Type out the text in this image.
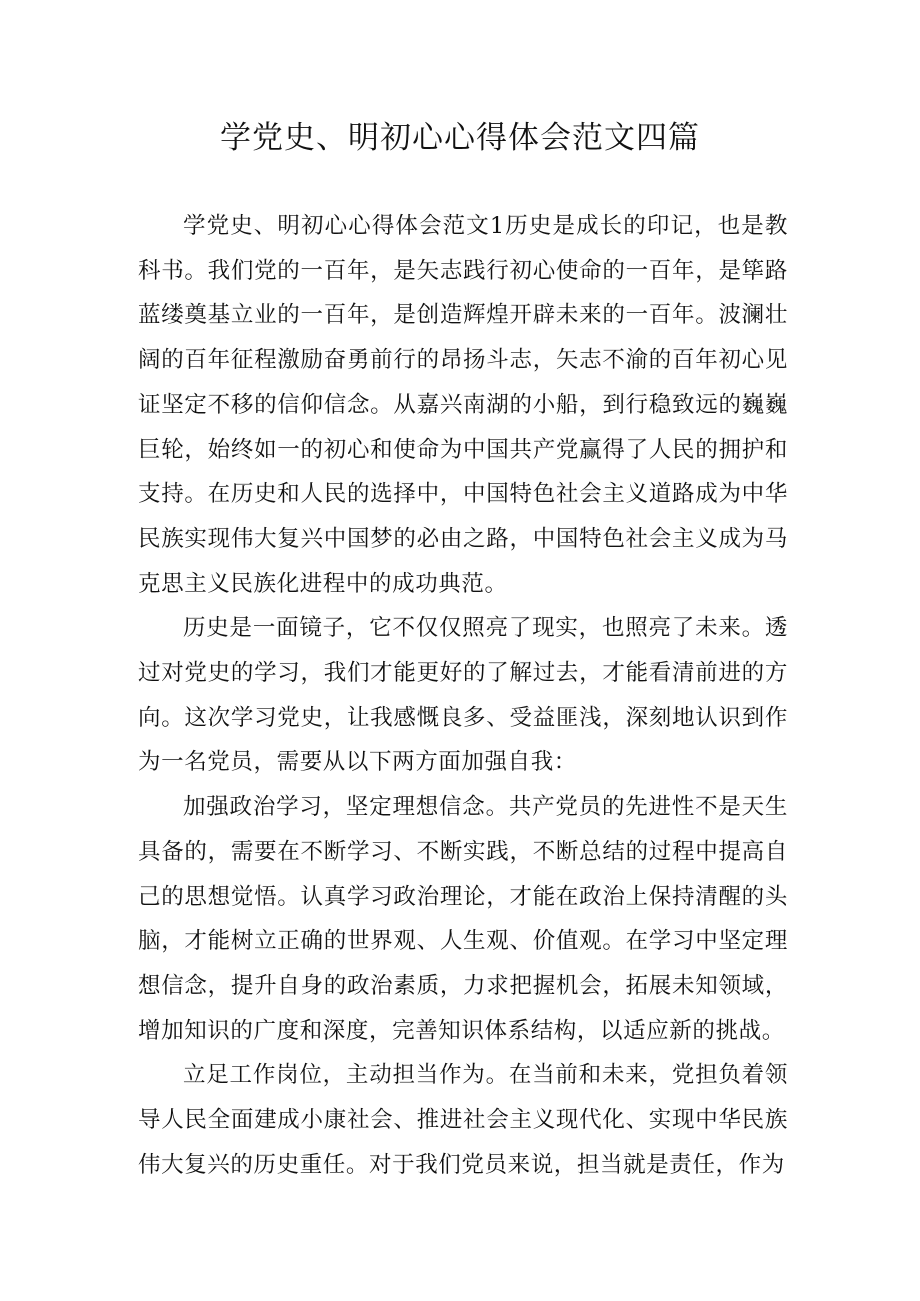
学党史、明初心心得体会范文四篇

学党史、明初心心得体会范文1历史是成长的印记，也是教科书。我们党的一百年，是矢志践行初心使命的一百年，是筚路蓝缕奠基立业的一百年，是创造辉煌开辟未来的一百年。波澜壮阔的百年征程激励奋勇前行的昂扬斗志，矢志不渝的百年初心见证坚定不移的信仰信念。从嘉兴南湖的小船，到行稳致远的巍巍巨轮，始终如一的初心和使命为中国共产党赢得了人民的拥护和支持。在历史和人民的选择中，中国特色社会主义道路成为中华民族实现伟大复兴中国梦的必由之路，中国特色社会主义成为马克思主义民族化进程中的成功典范。

历史是一面镜子，它不仅仅照亮了现实，也照亮了未来。透过对党史的学习，我们才能更好的了解过去，才能看清前进的方向。这次学习党史，让我感慨良多、受益匪浅，深刻地认识到作为一名党员，需要从以下两方面加强自我：

加强政治学习，坚定理想信念。共产党员的先进性不是天生具备的，需要在不断学习、不断实践，不断总结的过程中提高自己的思想觉悟。认真学习政治理论，才能在政治上保持清醒的头脑，才能树立正确的世界观、人生观、价值观。在学习中坚定理想信念，提升自身的政治素质，力求把握机会，拓展未知领域，增加知识的广度和深度，完善知识体系结构，以适应新的挑战。

立足工作岗位，主动担当作为。在当前和未来，党担负着领导人民全面建成小康社会、推进社会主义现代化、实现中华民族伟大复兴的历史重任。对于我们党员来说，担当就是责任，作为
